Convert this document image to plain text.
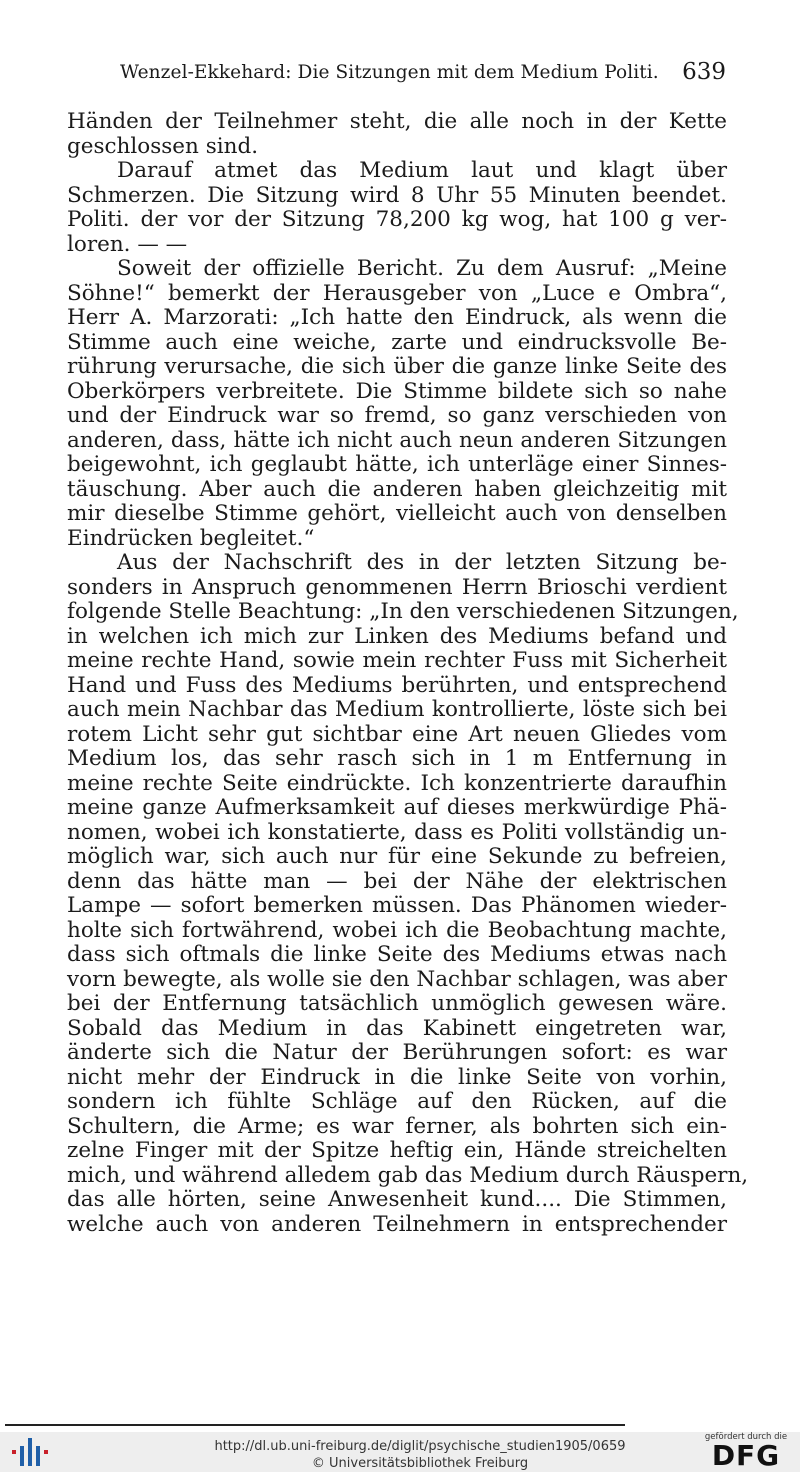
Wenzel-Ekkehard: Die Sitzungen mit dem Medium Politi. 639
Händen der Teilnehmer steht, die alle noch in der Kette
geschlossen sind.
Darauf atmet das Medium laut und klagt über
Schmerzen. Die Sitzung wird 8 Uhr 55 Minuten beendet.
Politi. der vor der Sitzung 78,200 kg wog, hat 100 g ver-
loren. — —
Soweit der offizielle Bericht. Zu dem Ausruf: „Meine
Söhne!“ bemerkt der Herausgeber von „Luce e Ombra“,
Herr A. Marzorati: „Ich hatte den Eindruck, als wenn die
Stimme auch eine weiche, zarte und eindrucksvolle Be-
rührung verursache, die sich über die ganze linke Seite des
Oberkörpers verbreitete. Die Stimme bildete sich so nahe
und der Eindruck war so fremd, so ganz verschieden von
anderen, dass, hätte ich nicht auch neun anderen Sitzungen
beigewohnt, ich geglaubt hätte, ich unterläge einer Sinnes-
täuschung. Aber auch die anderen haben gleichzeitig mit
mir dieselbe Stimme gehört, vielleicht auch von denselben
Eindrücken begleitet.“
Aus der Nachschrift des in der letzten Sitzung be-
sonders in Anspruch genommenen Herrn Brioschi verdient
folgende Stelle Beachtung: „In den verschiedenen Sitzungen,
in welchen ich mich zur Linken des Mediums befand und
meine rechte Hand, sowie mein rechter Fuss mit Sicherheit
Hand und Fuss des Mediums berührten, und entsprechend
auch mein Nachbar das Medium kontrollierte, löste sich bei
rotem Licht sehr gut sichtbar eine Art neuen Gliedes vom
Medium los, das sehr rasch sich in 1 m Entfernung in
meine rechte Seite eindrückte. Ich konzentrierte daraufhin
meine ganze Aufmerksamkeit auf dieses merkwürdige Phä-
nomen, wobei ich konstatierte, dass es Politi vollständig un-
möglich war, sich auch nur für eine Sekunde zu befreien,
denn das hätte man — bei der Nähe der elektrischen
Lampe — sofort bemerken müssen. Das Phänomen wieder-
holte sich fortwährend, wobei ich die Beobachtung machte,
dass sich oftmals die linke Seite des Mediums etwas nach
vorn bewegte, als wolle sie den Nachbar schlagen, was aber
bei der Entfernung tatsächlich unmöglich gewesen wäre.
Sobald das Medium in das Kabinett eingetreten war,
änderte sich die Natur der Berührungen sofort: es war
nicht mehr der Eindruck in die linke Seite von vorhin,
sondern ich fühlte Schläge auf den Rücken, auf die
Schultern, die Arme; es war ferner, als bohrten sich ein-
zelne Finger mit der Spitze heftig ein, Hände streichelten
mich, und während alledem gab das Medium durch Räuspern,
das alle hörten, seine Anwesenheit kund.... Die Stimmen,
welche auch von anderen Teilnehmern in entsprechender
http://dl.ub.uni-freiburg.de/diglit/psychische_studien1905/0659
© Universitätsbibliothek Freiburg
gefördert durch die
DFG
